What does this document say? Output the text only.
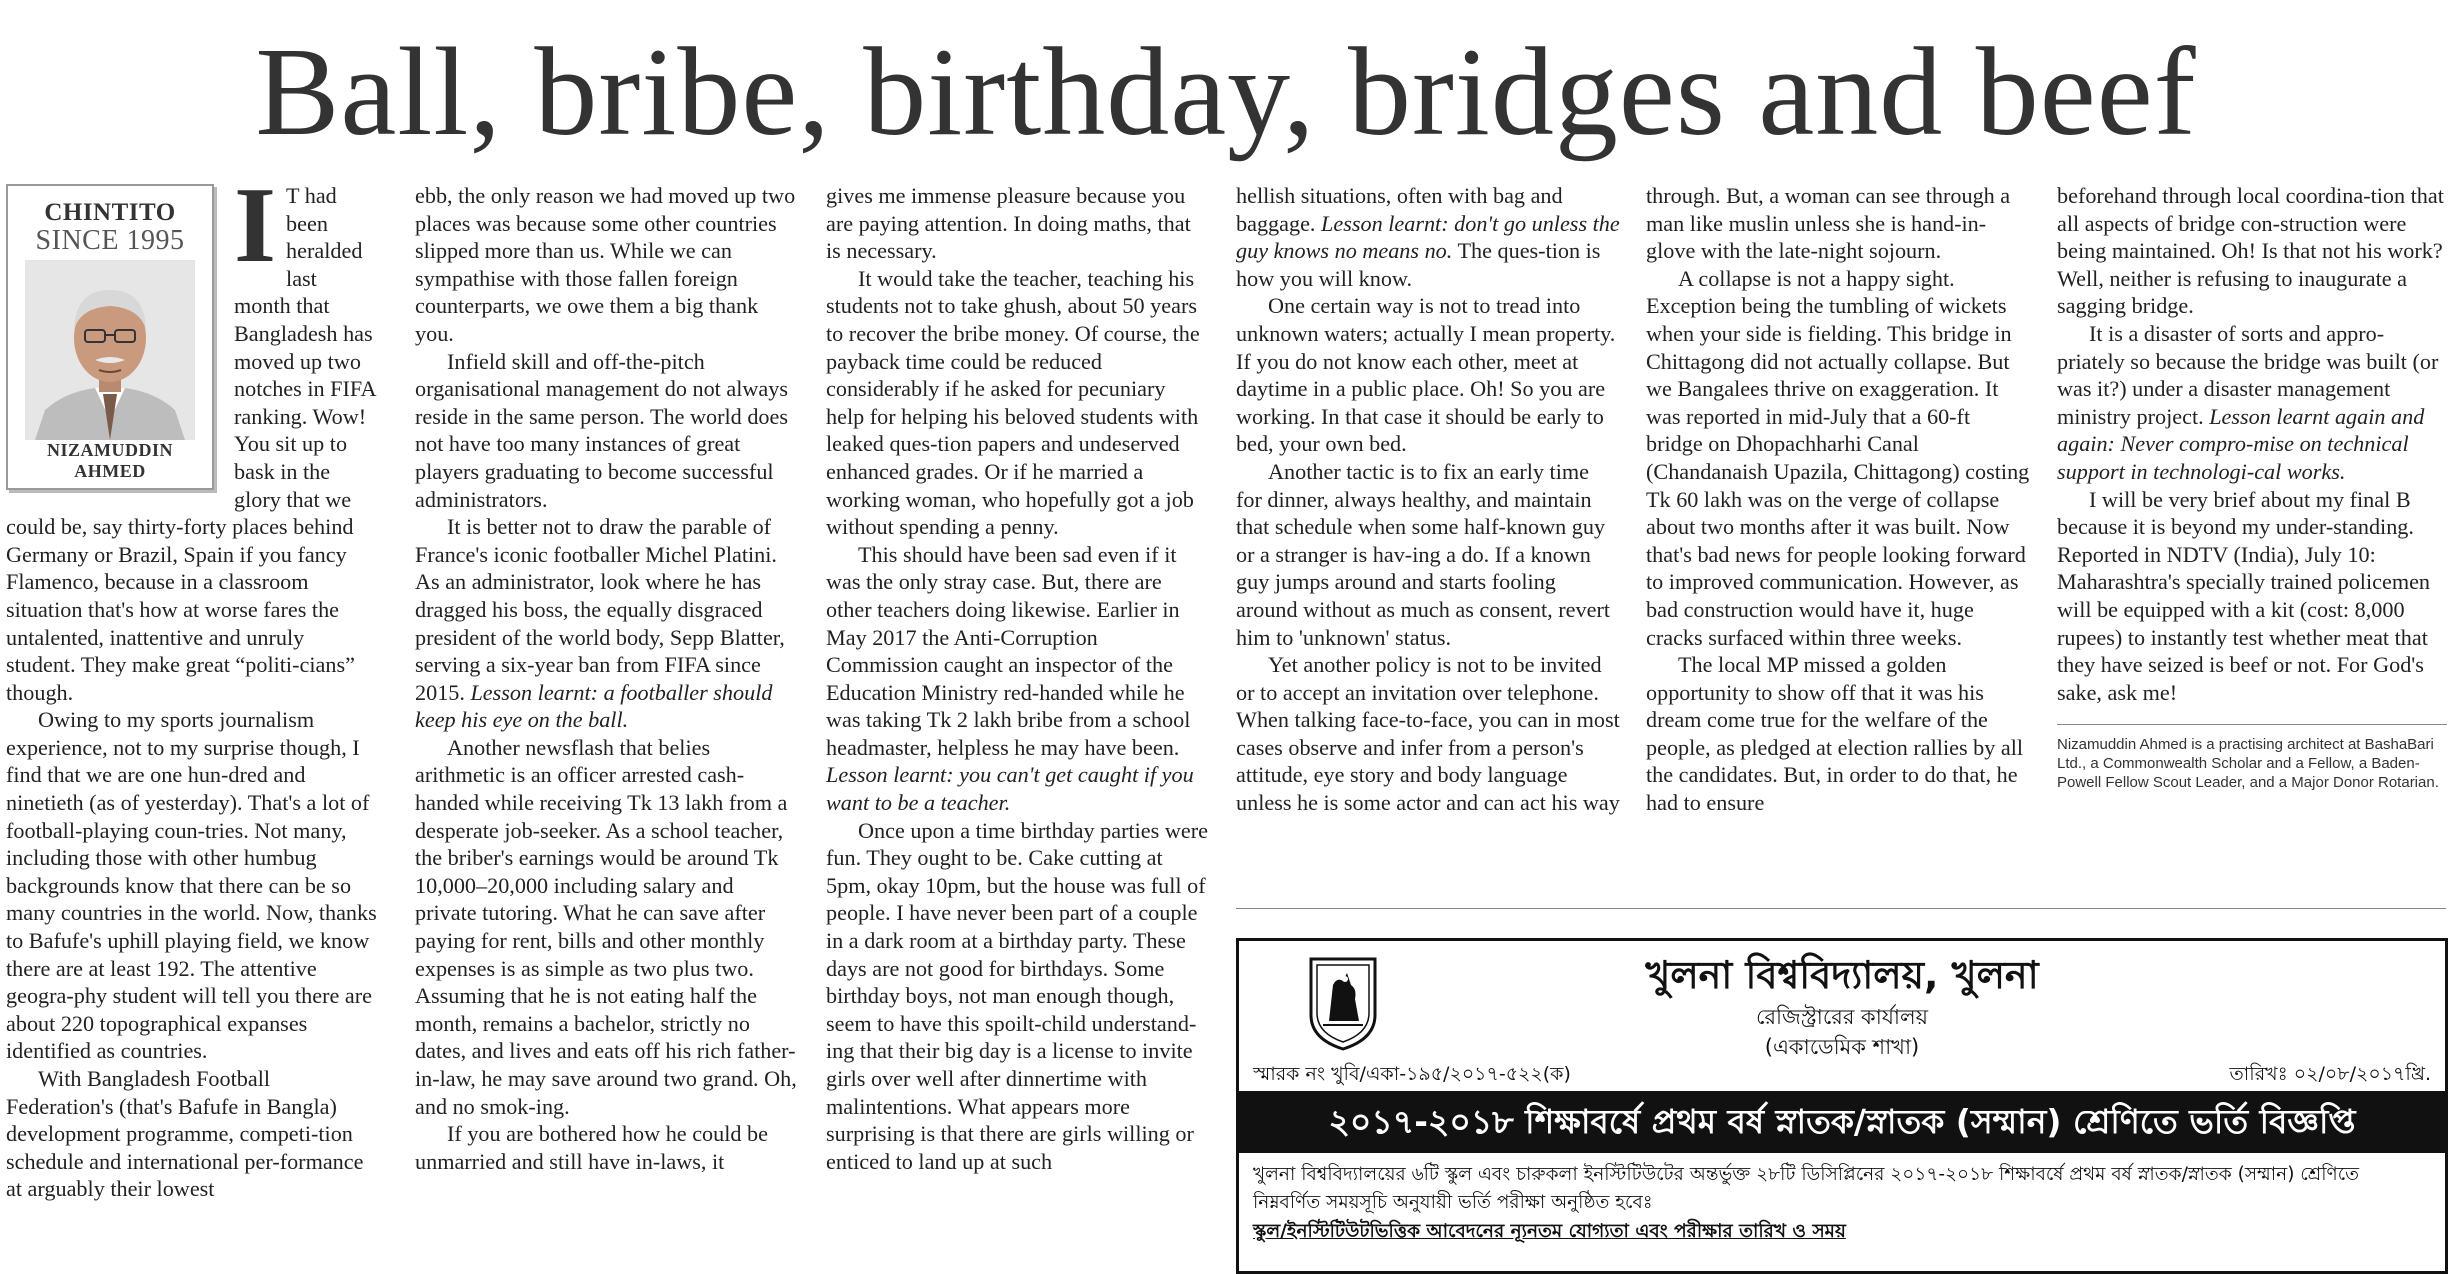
Ball, bribe, birthday, bridges and beef
CHINTITO
SINCE 1995
NIZAMUDDIN
AHMED
I T had been heralded last month that Bangladesh has moved up two notches in FIFA ranking. Wow! You sit up to bask in the glory that we could be, say thirty-forty places behind Germany or Brazil, Spain if you fancy Flamenco, because in a classroom situation that's how at worse fares the untalented, inattentive and unruly student. They make great “politi-cians” though.

Owing to my sports journalism experience, not to my surprise though, I find that we are one hun-dred and ninetieth (as of yesterday). That's a lot of football-playing coun-tries. Not many, including those with other humbug backgrounds know that there can be so many countries in the world. Now, thanks to Bafufe's uphill playing field, we know there are at least 192. The attentive geogra-phy student will tell you there are about 220 topographical expanses identified as countries.

With Bangladesh Football Federation's (that's Bafufe in Bangla) development programme, competi-tion schedule and international per-formance at arguably their lowest

ebb, the only reason we had moved up two places was because some other countries slipped more than us. While we can sympathise with those fallen foreign counterparts, we owe them a big thank you.

Infield skill and off-the-pitch organisational management do not always reside in the same person. The world does not have too many instances of great players graduating to become successful administrators.

It is better not to draw the parable of France's iconic footballer Michel Platini. As an administrator, look where he has dragged his boss, the equally disgraced president of the world body, Sepp Blatter, serving a six-year ban from FIFA since 2015. Lesson learnt: a footballer should keep his eye on the ball.

Another newsflash that belies arithmetic is an officer arrested cash-handed while receiving Tk 13 lakh from a desperate job-seeker. As a school teacher, the briber's earnings would be around Tk 10,000–20,000 including salary and private tutoring. What he can save after paying for rent, bills and other monthly expenses is as simple as two plus two. Assuming that he is not eating half the month, remains a bachelor, strictly no dates, and lives and eats off his rich father-in-law, he may save around two grand. Oh, and no smok-ing.

If you are bothered how he could be unmarried and still have in-laws, it

gives me immense pleasure because you are paying attention. In doing maths, that is necessary.

It would take the teacher, teaching his students not to take ghush, about 50 years to recover the bribe money. Of course, the payback time could be reduced considerably if he asked for pecuniary help for helping his beloved students with leaked ques-tion papers and undeserved enhanced grades. Or if he married a working woman, who hopefully got a job without spending a penny.

This should have been sad even if it was the only stray case. But, there are other teachers doing likewise. Earlier in May 2017 the Anti-Corruption Commission caught an inspector of the Education Ministry red-handed while he was taking Tk 2 lakh bribe from a school headmaster, helpless he may have been. Lesson learnt: you can't get caught if you want to be a teacher.

Once upon a time birthday parties were fun. They ought to be. Cake cutting at 5pm, okay 10pm, but the house was full of people. I have never been part of a couple in a dark room at a birthday party. These days are not good for birthdays. Some birthday boys, not man enough though, seem to have this spoilt-child understand-ing that their big day is a license to invite girls over well after dinnertime with malintentions. What appears more surprising is that there are girls willing or enticed to land up at such

hellish situations, often with bag and baggage. Lesson learnt: don't go unless the guy knows no means no. The ques-tion is how you will know.

One certain way is not to tread into unknown waters; actually I mean property. If you do not know each other, meet at daytime in a public place. Oh! So you are working. In that case it should be early to bed, your own bed.

Another tactic is to fix an early time for dinner, always healthy, and maintain that schedule when some half-known guy or a stranger is hav-ing a do. If a known guy jumps around and starts fooling around without as much as consent, revert him to 'unknown' status.

Yet another policy is not to be invited or to accept an invitation over telephone. When talking face-to-face, you can in most cases observe and infer from a person's attitude, eye story and body language unless he is some actor and can act his way

through. But, a woman can see through a man like muslin unless she is hand-in-glove with the late-night sojourn.

A collapse is not a happy sight. Exception being the tumbling of wickets when your side is fielding. This bridge in Chittagong did not actually collapse. But we Bangalees thrive on exaggeration. It was reported in mid-July that a 60-ft bridge on Dhopachharhi Canal (Chandanaish Upazila, Chittagong) costing Tk 60 lakh was on the verge of collapse about two months after it was built. Now that's bad news for people looking forward to improved communication. However, as bad construction would have it, huge cracks surfaced within three weeks.

The local MP missed a golden opportunity to show off that it was his dream come true for the welfare of the people, as pledged at election rallies by all the candidates. But, in order to do that, he had to ensure

beforehand through local coordina-tion that all aspects of bridge con-struction were being maintained. Oh! Is that not his work? Well, neither is refusing to inaugurate a sagging bridge.

It is a disaster of sorts and appro-priately so because the bridge was built (or was it?) under a disaster management ministry project. Lesson learnt again and again: Never compro-mise on technical support in technologi-cal works.

I will be very brief about my final B because it is beyond my under-standing. Reported in NDTV (India), July 10: Maharashtra's specially trained policemen will be equipped with a kit (cost: 8,000 rupees) to instantly test whether meat that they have seized is beef or not. For God's sake, ask me!

Nizamuddin Ahmed is a practising architect at BashaBari Ltd., a Commonwealth Scholar and a Fellow, a Baden-Powell Fellow Scout Leader, and a Major Donor Rotarian.
খুলনা বিশ্ববিদ্যালয়, খুলনা
রেজিস্ট্রারের কার্যালয়
(একাডেমিক শাখা)
স্মারক নং খুবি/একা-১৯৫/২০১৭-৫২২(ক)	তারিখঃ ০২/০৮/২০১৭খ্রি.
২০১৭-২০১৮ শিক্ষাবর্ষে প্রথম বর্ষ স্নাতক/স্নাতক (সম্মান) শ্রেণিতে ভর্তি বিজ্ঞপ্তি
খুলনা বিশ্ববিদ্যালয়ের ৬টি স্কুল এবং চারুকলা ইনস্টিটিউটের অন্তর্ভুক্ত ২৮টি ডিসিপ্লিনের ২০১৭-২০১৮ শিক্ষাবর্ষে প্রথম বর্ষ স্নাতক/স্নাতক (সম্মান) শ্রেণিতে নিম্নবর্ণিত সময়সূচি অনুযায়ী ভর্তি পরীক্ষা অনুষ্ঠিত হবেঃ
স্কুল/ইনস্টিটিউটভিত্তিক আবেদনের ন্যূনতম যোগ্যতা এবং পরীক্ষার তারিখ ও সময়
